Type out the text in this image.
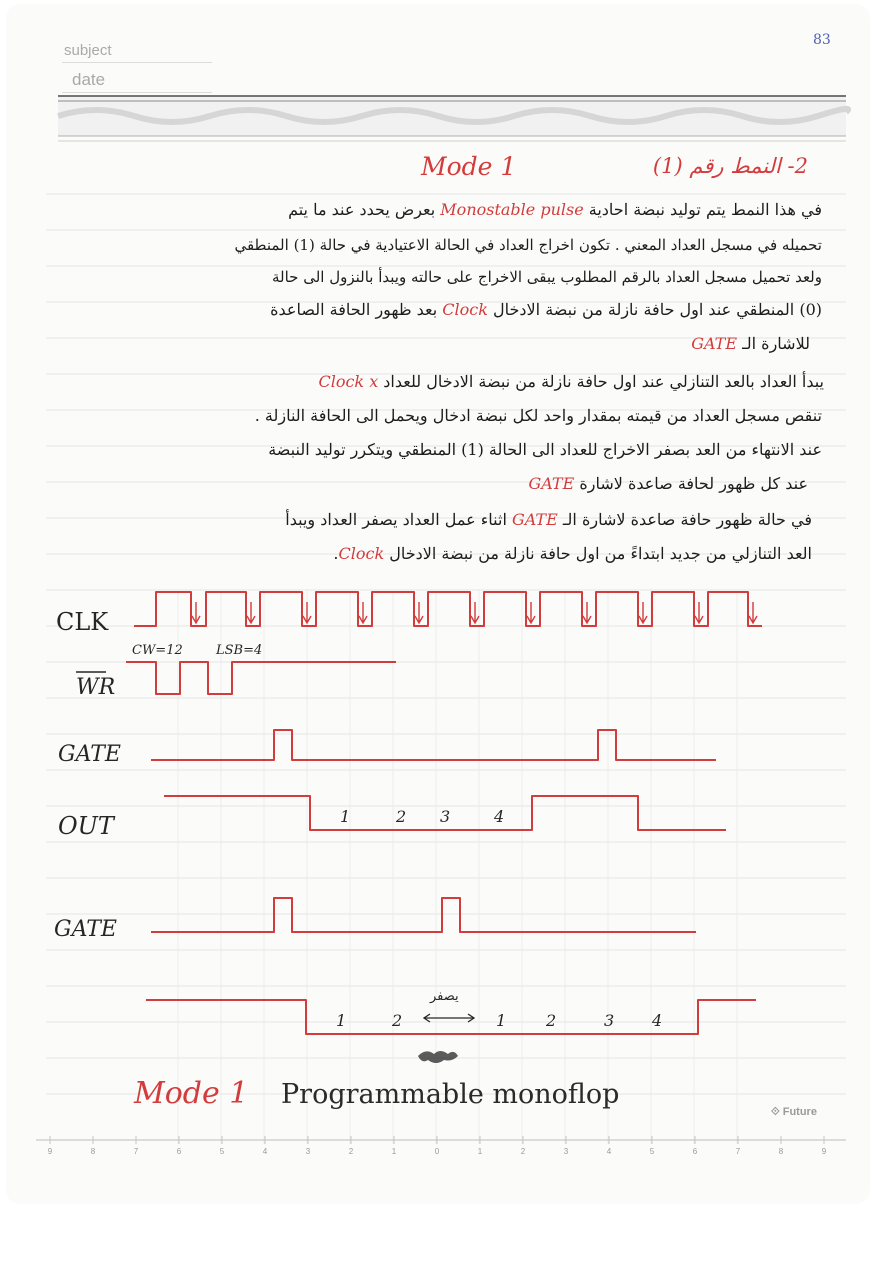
subject
date
83
Mode 1	2- النمط رقم (1)
في هذا النمط يتم توليد نبضة احادية Monostable pulse بعرض يحدد عند ما يتم
تحميله في مسجل العداد المعني . تكون اخراج العداد في الحالة الاعتيادية في حالة (1) المنطقي
ولعد تحميل مسجل العداد بالرقم المطلوب يبقى الاخراج على حالته ويبدأ بالنزول الى حالة
(0) المنطقي عند اول حافة نازلة من نبضة الادخال Clock بعد ظهور الحافة الصاعدة
للاشارة الـ GATE
يبدأ العداد بالعد التنازلي عند اول حافة نازلة من نبضة الادخال للعداد Clock x
تنقص مسجل العداد من قيمته بمقدار واحد لكل نبضة ادخال ويحمل الى الحافة النازلة .
عند الانتهاء من العد بصفر الاخراج للعداد الى الحالة (1) المنطقي ويتكرر توليد النبضة
عند كل ظهور لحافة صاعدة لاشارة GATE
في حالة ظهور حافة صاعدة لاشارة الـ GATE اثناء عمل العداد يصفر العداد ويبدأ
العد التنازلي من جديد ابتداءً من اول حافة نازلة من نبضة الادخال Clock.
CLK
CW=12	LSB=4
WR
GATE
OUT
GATE
1	2 3	4
يصفر
1	2	1 2	3 4
9	8	7	6	5	4	3	2	1	0	1	2	3	4	5	6	7	8	9
Mode 1 Programmable monoflop
⟐ Future
